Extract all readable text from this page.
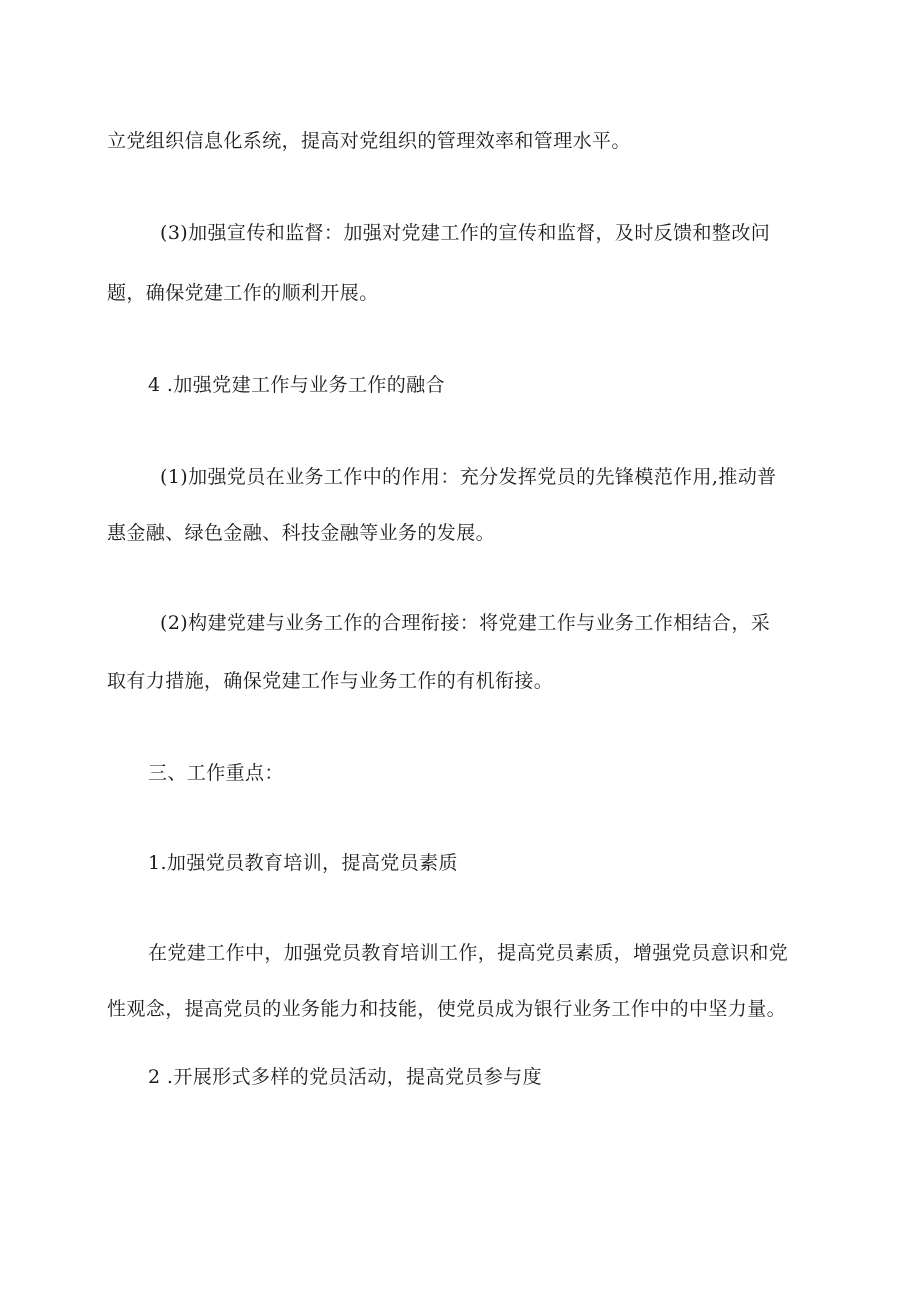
立党组织信息化系统，提高对党组织的管理效率和管理水平。
(3)加强宣传和监督：加强对党建工作的宣传和监督，及时反馈和整改问
题，确保党建工作的顺利开展。
4 .加强党建工作与业务工作的融合
(1)加强党员在业务工作中的作用：充分发挥党员的先锋模范作用,推动普
惠金融、绿色金融、科技金融等业务的发展。
(2)构建党建与业务工作的合理衔接：将党建工作与业务工作相结合，采
取有力措施，确保党建工作与业务工作的有机衔接。
三、工作重点：
1.加强党员教育培训，提高党员素质
在党建工作中，加强党员教育培训工作，提高党员素质，增强党员意识和党
性观念，提高党员的业务能力和技能，使党员成为银行业务工作中的中坚力量。
2 .开展形式多样的党员活动，提高党员参与度
